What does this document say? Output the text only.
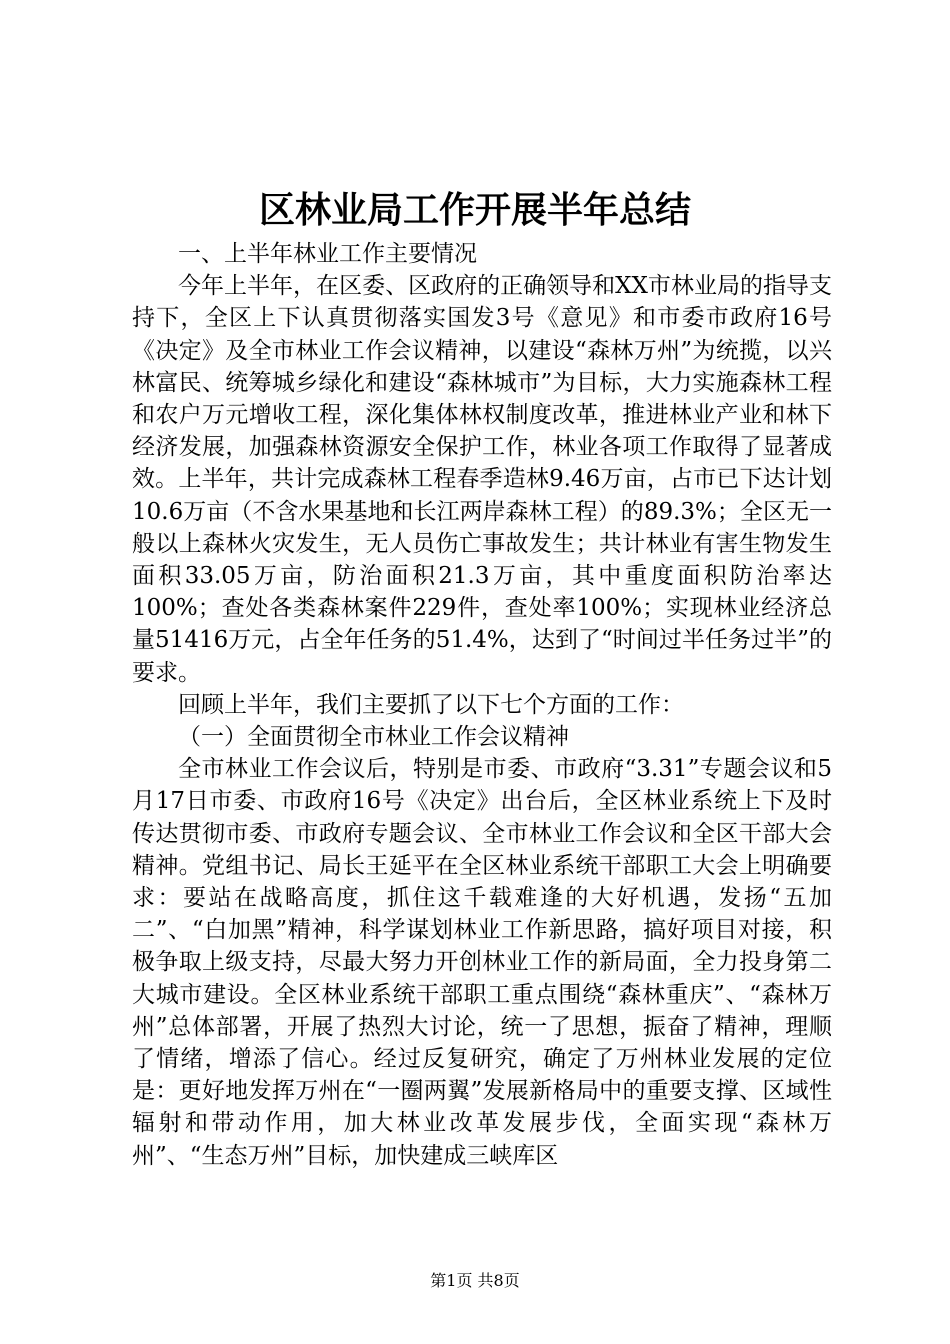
区林业局工作开展半年总结

一、上半年林业工作主要情况

今年上半年，在区委、区政府的正确领导和XX市林业局的指导支持下，全区上下认真贯彻落实国发3号《意见》和市委市政府16号《决定》及全市林业工作会议精神，以建设“森林万州”为统揽，以兴林富民、统筹城乡绿化和建设“森林城市”为目标，大力实施森林工程和农户万元增收工程，深化集体林权制度改革，推进林业产业和林下经济发展，加强森林资源安全保护工作，林业各项工作取得了显著成效。上半年，共计完成森林工程春季造林9.46万亩，占市已下达计划10.6万亩（不含水果基地和长江两岸森林工程）的89.3%；全区无一般以上森林火灾发生，无人员伤亡事故发生；共计林业有害生物发生面积33.05万亩，防治面积21.3万亩，其中重度面积防治率达100%；查处各类森林案件229件，查处率100%；实现林业经济总量51416万元，占全年任务的51.4%，达到了“时间过半任务过半”的要求。

回顾上半年，我们主要抓了以下七个方面的工作：

（一）全面贯彻全市林业工作会议精神

全市林业工作会议后，特别是市委、市政府“3.31”专题会议和5月17日市委、市政府16号《决定》出台后，全区林业系统上下及时传达贯彻市委、市政府专题会议、全市林业工作会议和全区干部大会精神。党组书记、局长王延平在全区林业系统干部职工大会上明确要求：要站在战略高度，抓住这千载难逢的大好机遇，发扬“五加二”、“白加黑”精神，科学谋划林业工作新思路，搞好项目对接，积极争取上级支持，尽最大努力开创林业工作的新局面，全力投身第二大城市建设。全区林业系统干部职工重点围绕“森林重庆”、“森林万州”总体部署，开展了热烈大讨论，统一了思想，振奋了精神，理顺了情绪，增添了信心。经过反复研究，确定了万州林业发展的定位是：更好地发挥万州在“一圈两翼”发展新格局中的重要支撑、区域性辐射和带动作用，加大林业改革发展步伐，全面实现“森林万州”、“生态万州”目标，加快建成三峡库区

第1页 共8页
